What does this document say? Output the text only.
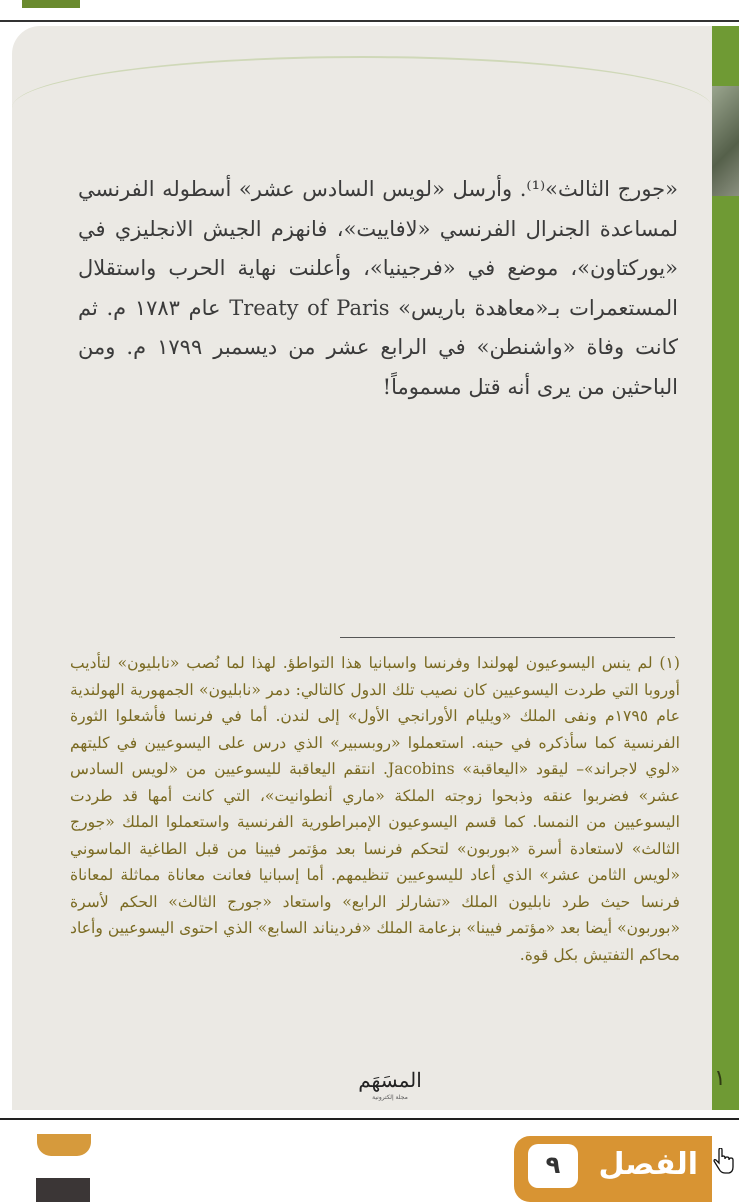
١

«جورج الثالث»⁽¹⁾. وأرسل «لويس السادس عشر» أسطوله الفرنسي لمساعدة الجنرال الفرنسي «لافاييت»، فانهزم الجيش الانجليزي في «يوركتاون»، موضع في «فرجينيا»، وأعلنت نهاية الحرب واستقلال المستعمرات بـ«معاهدة باريس» Treaty of Paris عام ١٧٨٣ م. ثم كانت وفاة «واشنطن» في الرابع عشر من ديسمبر ١٧٩٩ م. ومن الباحثين من يرى أنه قتل مسموماً!

(١) لم ينس اليسوعيون لهولندا وفرنسا واسبانيا هذا التواطؤ. لهذا لما نُصب «نابليون» لتأديب أوروبا التي طردت اليسوعيين كان نصيب تلك الدول كالتالي: دمر «نابليون» الجمهورية الهولندية عام ١٧٩٥م ونفى الملك «ويليام الأورانجي الأول» إلى لندن. أما في فرنسا فأشعلوا الثورة الفرنسية كما سأذكره في حينه. استعملوا «روبسبير» الذي درس على اليسوعيين في كليتهم «لوي لاجراند»– ليقود «اليعاقبة» Jacobins. انتقم اليعاقبة لليسوعيين من «لويس السادس عشر» فضربوا عنقه وذبحوا زوجته الملكة «ماري أنطوانيت»، التي كانت أمها قد طردت اليسوعيين من النمسا. كما قسم اليسوعيون الإمبراطورية الفرنسية واستعملوا الملك «جورج الثالث» لاستعادة أسرة «بوربون» لتحكم فرنسا بعد مؤتمر فيينا من قبل الطاغية الماسوني «لويس الثامن عشر» الذي أعاد لليسوعيين تنظيمهم. أما إسبانيا فعانت معاناة مماثلة لمعاناة فرنسا حيث طرد نابليون الملك «تشارلز الرابع» واستعاد «جورج الثالث» الحكم لأسرة «بوربون» أيضا بعد «مؤتمر فيينا» بزعامة الملك «فرديناند السابع» الذي احتوى اليسوعيين وأعاد محاكم التفتيش بكل قوة.

المسَهَم
مجلة إلكترونية
٩	الفصل
